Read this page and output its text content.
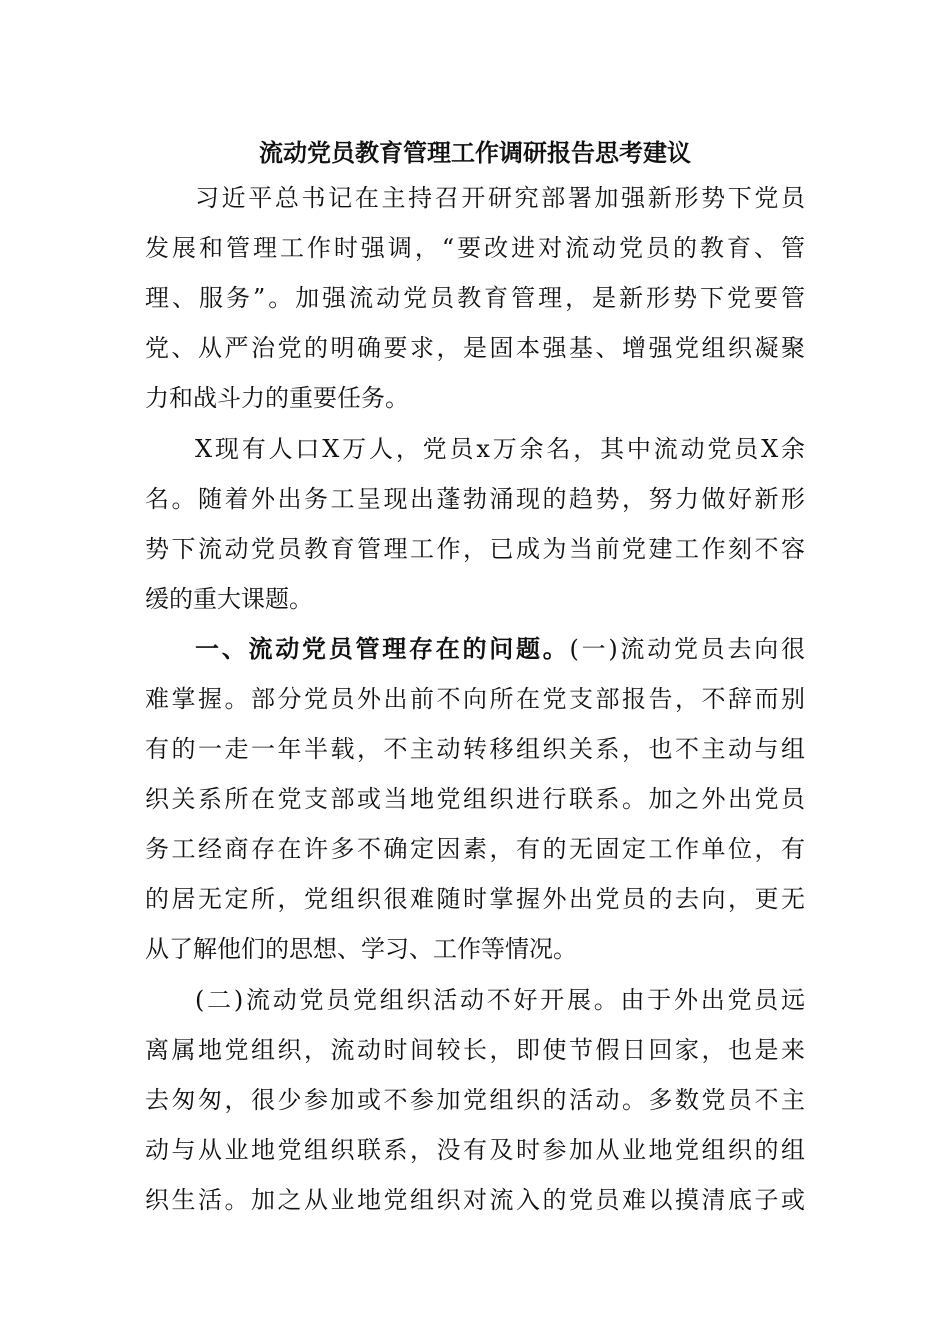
流动党员教育管理工作调研报告思考建议
习近平总书记在主持召开研究部署加强新形势下党员
发展和管理工作时强调，“要改进对流动党员的教育、管
理、服务”。加强流动党员教育管理，是新形势下党要管
党、从严治党的明确要求，是固本强基、增强党组织凝聚
力和战斗力的重要任务。
X现有人口X万人，党员x万余名，其中流动党员X余
名。随着外出务工呈现出蓬勃涌现的趋势，努力做好新形
势下流动党员教育管理工作，已成为当前党建工作刻不容
缓的重大课题。
一、流动党员管理存在的问题。(一)流动党员去向很
难掌握。部分党员外出前不向所在党支部报告，不辞而别
有的一走一年半载，不主动转移组织关系，也不主动与组
织关系所在党支部或当地党组织进行联系。加之外出党员
务工经商存在许多不确定因素，有的无固定工作单位，有
的居无定所，党组织很难随时掌握外出党员的去向，更无
从了解他们的思想、学习、工作等情况。
(二)流动党员党组织活动不好开展。由于外出党员远
离属地党组织，流动时间较长，即使节假日回家，也是来
去匆匆，很少参加或不参加党组织的活动。多数党员不主
动与从业地党组织联系，没有及时参加从业地党组织的组
织生活。加之从业地党组织对流入的党员难以摸清底子或
